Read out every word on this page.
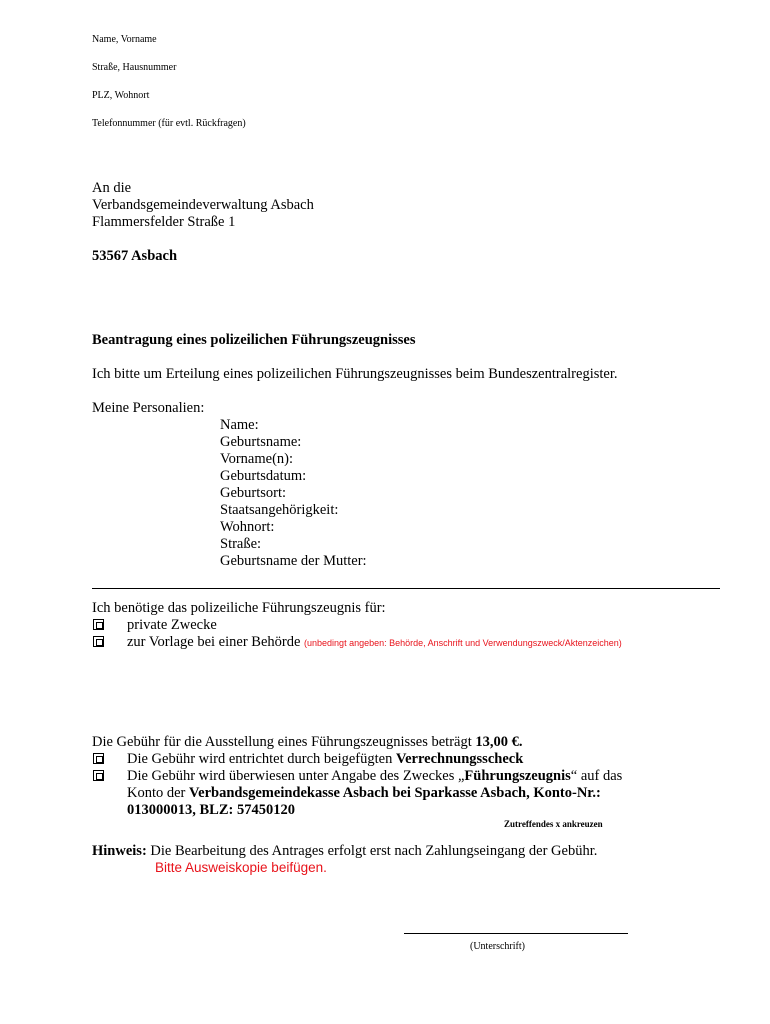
Name, Vorname
Straße, Hausnummer
PLZ, Wohnort
Telefonnummer (für evtl. Rückfragen)
An die
Verbandsgemeindeverwaltung Asbach
Flammersfelder Straße 1
53567 Asbach
Beantragung eines polizeilichen Führungszeugnisses
Ich bitte um Erteilung eines polizeilichen Führungszeugnisses beim Bundeszentralregister.
Meine Personalien:
Name:
Geburtsname:
Vorname(n):
Geburtsdatum:
Geburtsort:
Staatsangehörigkeit:
Wohnort:
Straße:
Geburtsname der Mutter:
Ich benötige das polizeiliche Führungszeugnis für:
private Zwecke
zur Vorlage bei einer Behörde (unbedingt angeben: Behörde, Anschrift und Verwendungszweck/Aktenzeichen)
Die Gebühr für die Ausstellung eines Führungszeugnisses beträgt 13,00 €.
Die Gebühr wird entrichtet durch beigefügten Verrechnungsscheck
Die Gebühr wird überwiesen unter Angabe des Zweckes „Führungszeugnis“ auf das
Konto der Verbandsgemeindekasse Asbach bei Sparkasse Asbach, Konto-Nr.:
013000013, BLZ: 57450120
Zutreffendes x ankreuzen
Hinweis: Die Bearbeitung des Antrages erfolgt erst nach Zahlungseingang der Gebühr.
Bitte Ausweiskopie beifügen.
(Unterschrift)
